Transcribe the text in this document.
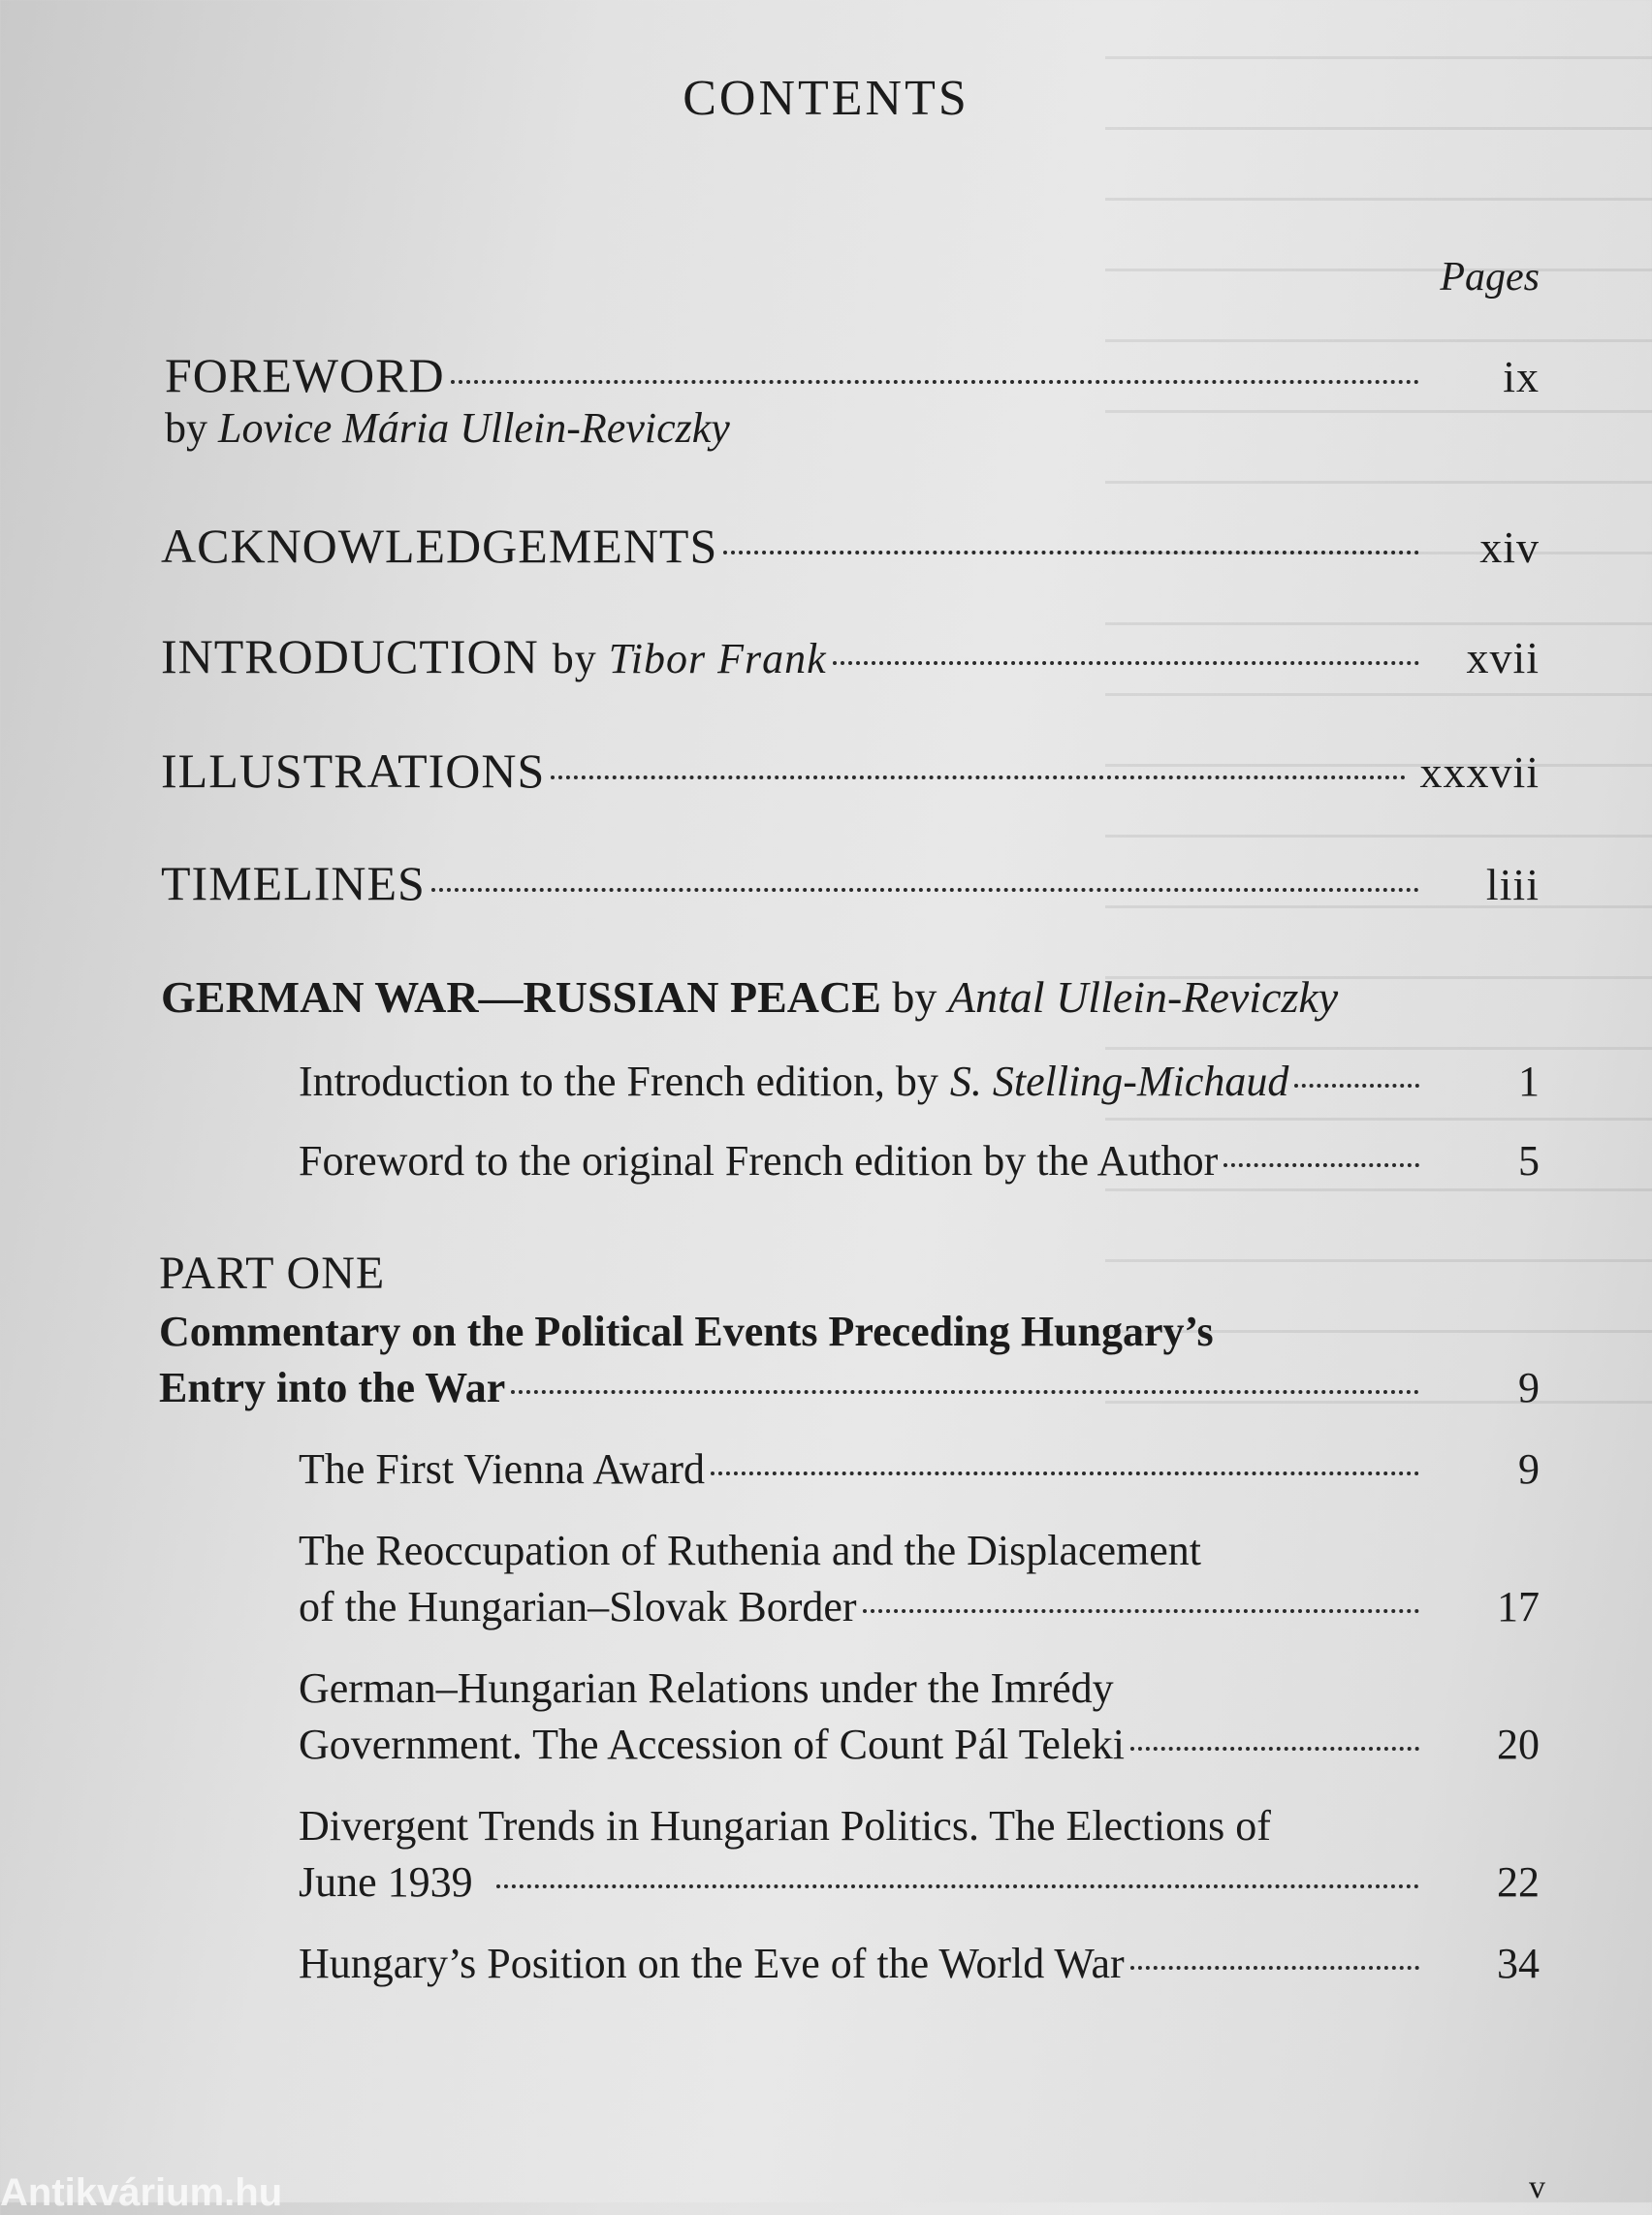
CONTENTS
Pages
FOREWORD	ix
by Lovice Mária Ullein-Reviczky
ACKNOWLEDGEMENTS	xiv
INTRODUCTION by Tibor Frank	xvii
ILLUSTRATIONS	xxxvii
TIMELINES	liii
GERMAN WAR—RUSSIAN PEACE by Antal Ullein-Reviczky
Introduction to the French edition, by S. Stelling-Michaud	1
Foreword to the original French edition by the Author	5
PART ONE
Commentary on the Political Events Preceding Hungary’s
Entry into the War	9
The First Vienna Award	9
The Reoccupation of Ruthenia and the Displacement
of the Hungarian–Slovak Border	17
German–Hungarian Relations under the Imrédy
Government. The Accession of Count Pál Teleki	20
Divergent Trends in Hungarian Politics. The Elections of
June 1939	22
Hungary’s Position on the Eve of the World War	34
v
Antikvárium.hu
